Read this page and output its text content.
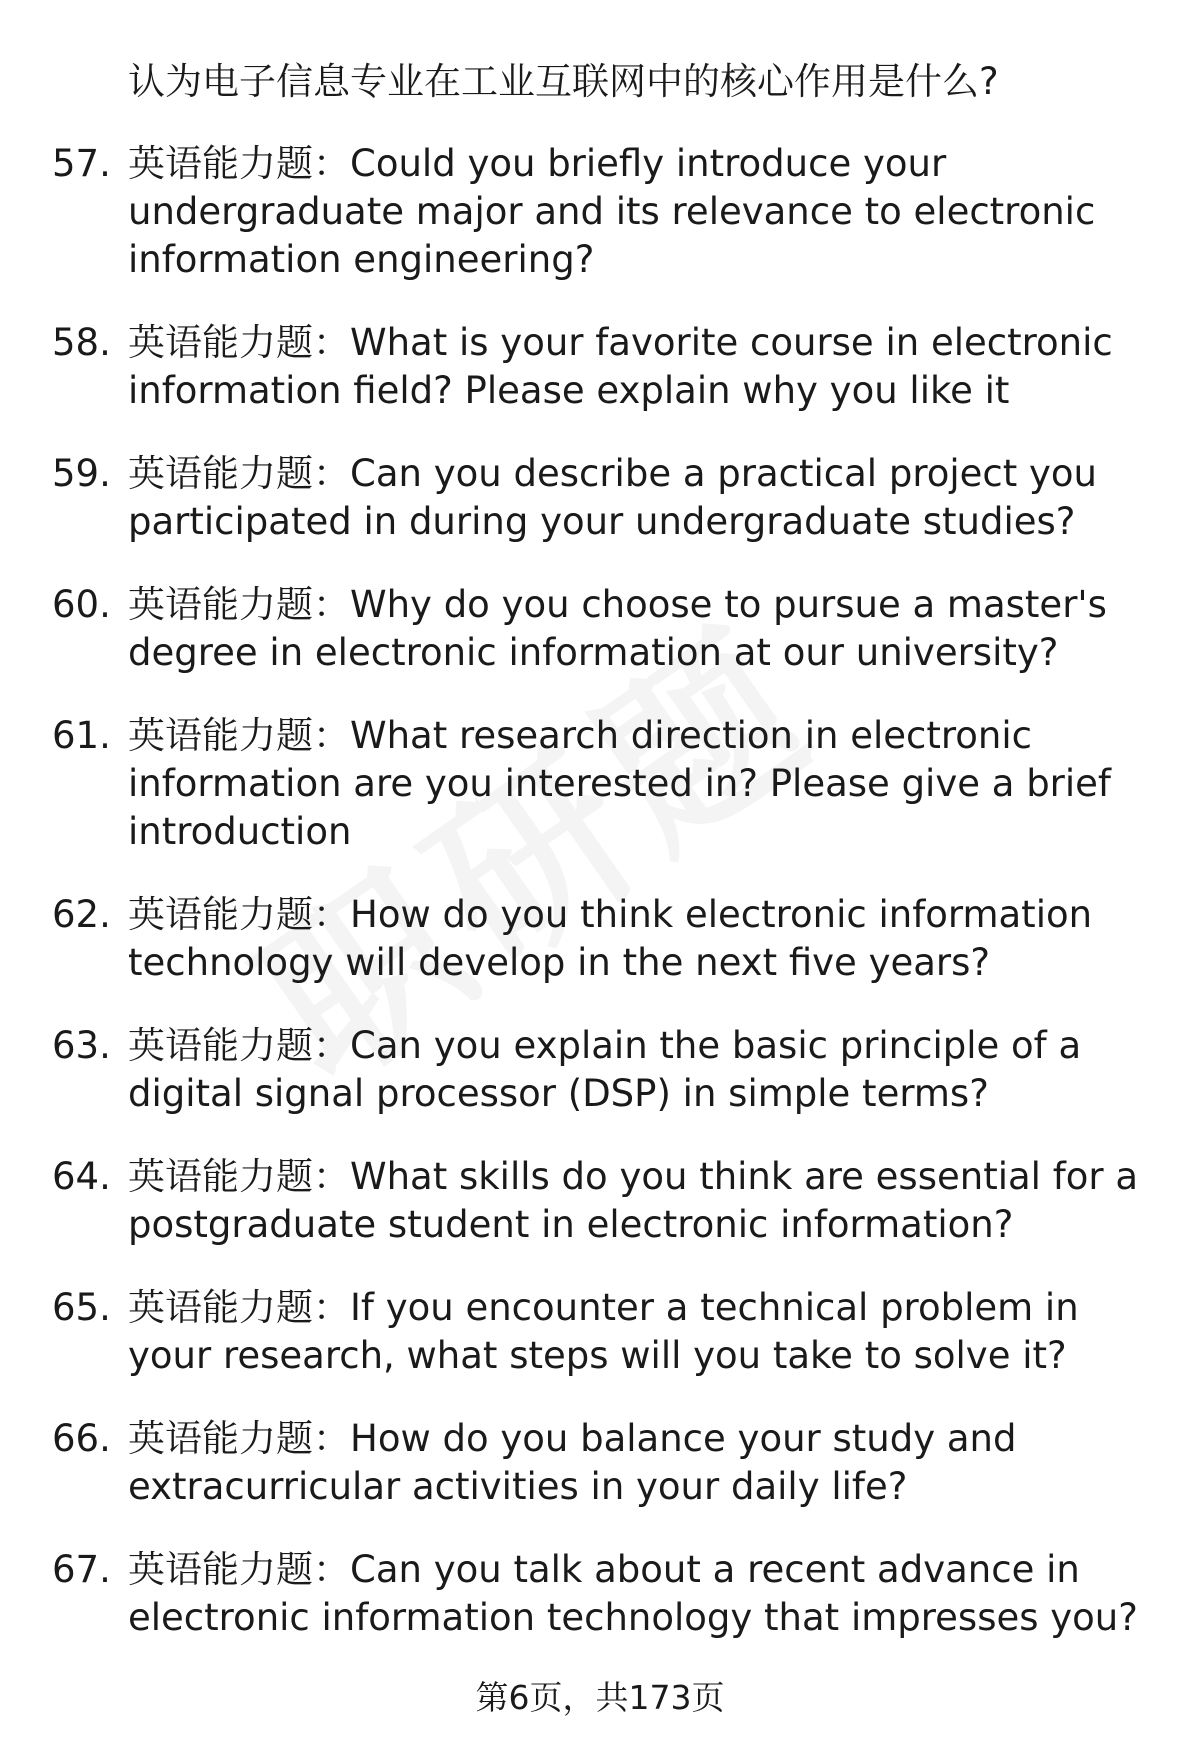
认为电子信息专业在工业互联网中的核心作用是什么?

57. 英语能力题：Could you briefly introduce your undergraduate major and its relevance to electronic information engineering?
58. 英语能力题：What is your favorite course in electronic information field? Please explain why you like it
59. 英语能力题：Can you describe a practical project you participated in during your undergraduate studies?
60. 英语能力题：Why do you choose to pursue a master's degree in electronic information at our university?
61. 英语能力题：What research direction in electronic information are you interested in? Please give a brief introduction
62. 英语能力题：How do you think electronic information technology will develop in the next five years?
63. 英语能力题：Can you explain the basic principle of a digital signal processor (DSP) in simple terms?
64. 英语能力题：What skills do you think are essential for a postgraduate student in electronic information?
65. 英语能力题：If you encounter a technical problem in your research, what steps will you take to solve it?
66. 英语能力题：How do you balance your study and extracurricular activities in your daily life?
67. 英语能力题：Can you talk about a recent advance in electronic information technology that impresses you?
第6页，共173页
